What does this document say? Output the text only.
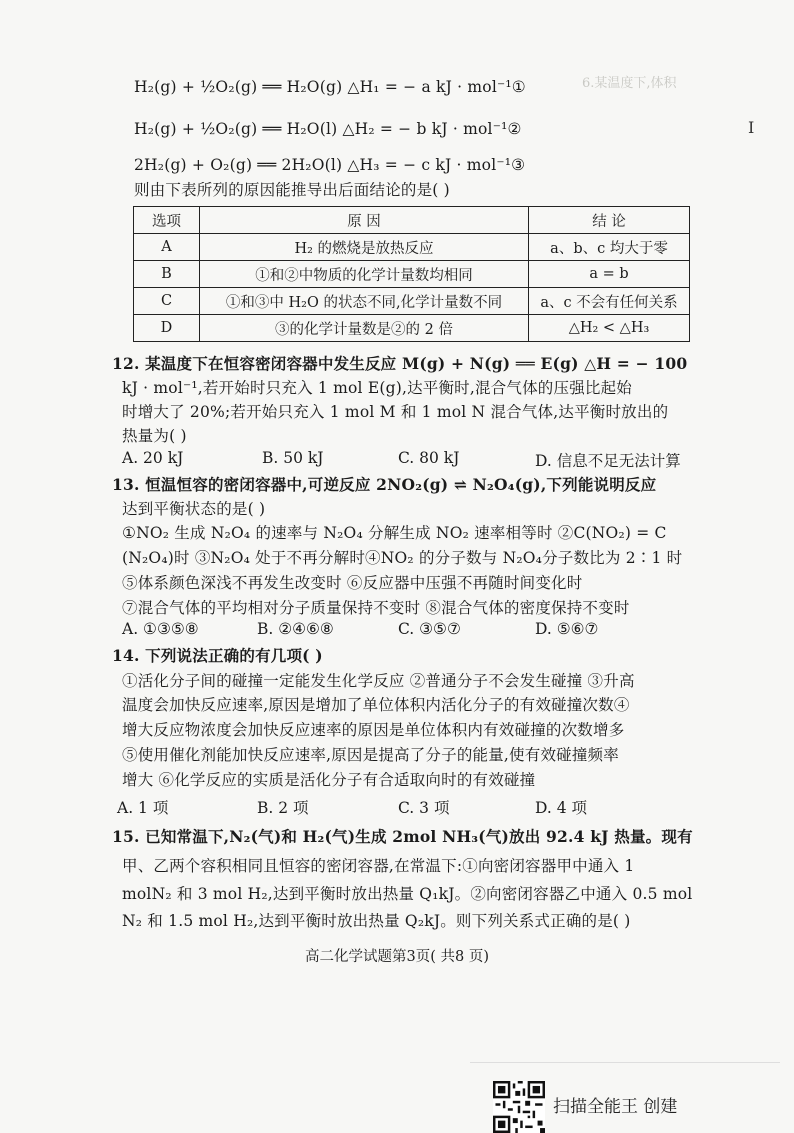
6.某温度下,体积
I
H₂(g) + ½O₂(g) ══ H₂O(g) △H₁ = − a kJ · mol⁻¹①
H₂(g) + ½O₂(g) ══ H₂O(l) △H₂ = − b kJ · mol⁻¹②
2H₂(g) + O₂(g) ══ 2H₂O(l) △H₃ = − c kJ · mol⁻¹③
则由下表所列的原因能推导出后面结论的是( )
选项	原 因	结 论
A	H₂ 的燃烧是放热反应	a、b、c 均大于零
B	①和②中物质的化学计量数均相同	a = b
C	①和③中 H₂O 的状态不同,化学计量数不同	a、c 不会有任何关系
D	③的化学计量数是②的 2 倍	△H₂ < △H₃
12. 某温度下在恒容密闭容器中发生反应 M(g) + N(g) ══ E(g) △H = − 100
kJ · mol⁻¹,若开始时只充入 1 mol E(g),达平衡时,混合气体的压强比起始
时增大了 20%;若开始只充入 1 mol M 和 1 mol N 混合气体,达平衡时放出的
热量为( )
A. 20 kJ	B. 50 kJ	C. 80 kJ	D. 信息不足无法计算
13. 恒温恒容的密闭容器中,可逆反应 2NO₂(g) ⇌ N₂O₄(g),下列能说明反应
达到平衡状态的是( )
①NO₂ 生成 N₂O₄ 的速率与 N₂O₄ 分解生成 NO₂ 速率相等时 ②C(NO₂) = C
(N₂O₄)时 ③N₂O₄ 处于不再分解时④NO₂ 的分子数与 N₂O₄分子数比为 2∶1 时
⑤体系颜色深浅不再发生改变时 ⑥反应器中压强不再随时间变化时
⑦混合气体的平均相对分子质量保持不变时 ⑧混合气体的密度保持不变时
A. ①③⑤⑧	B. ②④⑥⑧	C. ③⑤⑦	D. ⑤⑥⑦
14. 下列说法正确的有几项( )
①活化分子间的碰撞一定能发生化学反应 ②普通分子不会发生碰撞 ③升高
温度会加快反应速率,原因是增加了单位体积内活化分子的有效碰撞次数④
增大反应物浓度会加快反应速率的原因是单位体积内有效碰撞的次数增多
⑤使用催化剂能加快反应速率,原因是提高了分子的能量,使有效碰撞频率
增大 ⑥化学反应的实质是活化分子有合适取向时的有效碰撞
A. 1 项	B. 2 项	C. 3 项	D. 4 项
15. 已知常温下,N₂(气)和 H₂(气)生成 2mol NH₃(气)放出 92.4 kJ 热量。现有
甲、乙两个容积相同且恒容的密闭容器,在常温下:①向密闭容器甲中通入 1
molN₂ 和 3 mol H₂,达到平衡时放出热量 Q₁kJ。②向密闭容器乙中通入 0.5 mol
N₂ 和 1.5 mol H₂,达到平衡时放出热量 Q₂kJ。则下列关系式正确的是( )
高二化学试题第3页( 共8 页)
扫描全能王 创建
